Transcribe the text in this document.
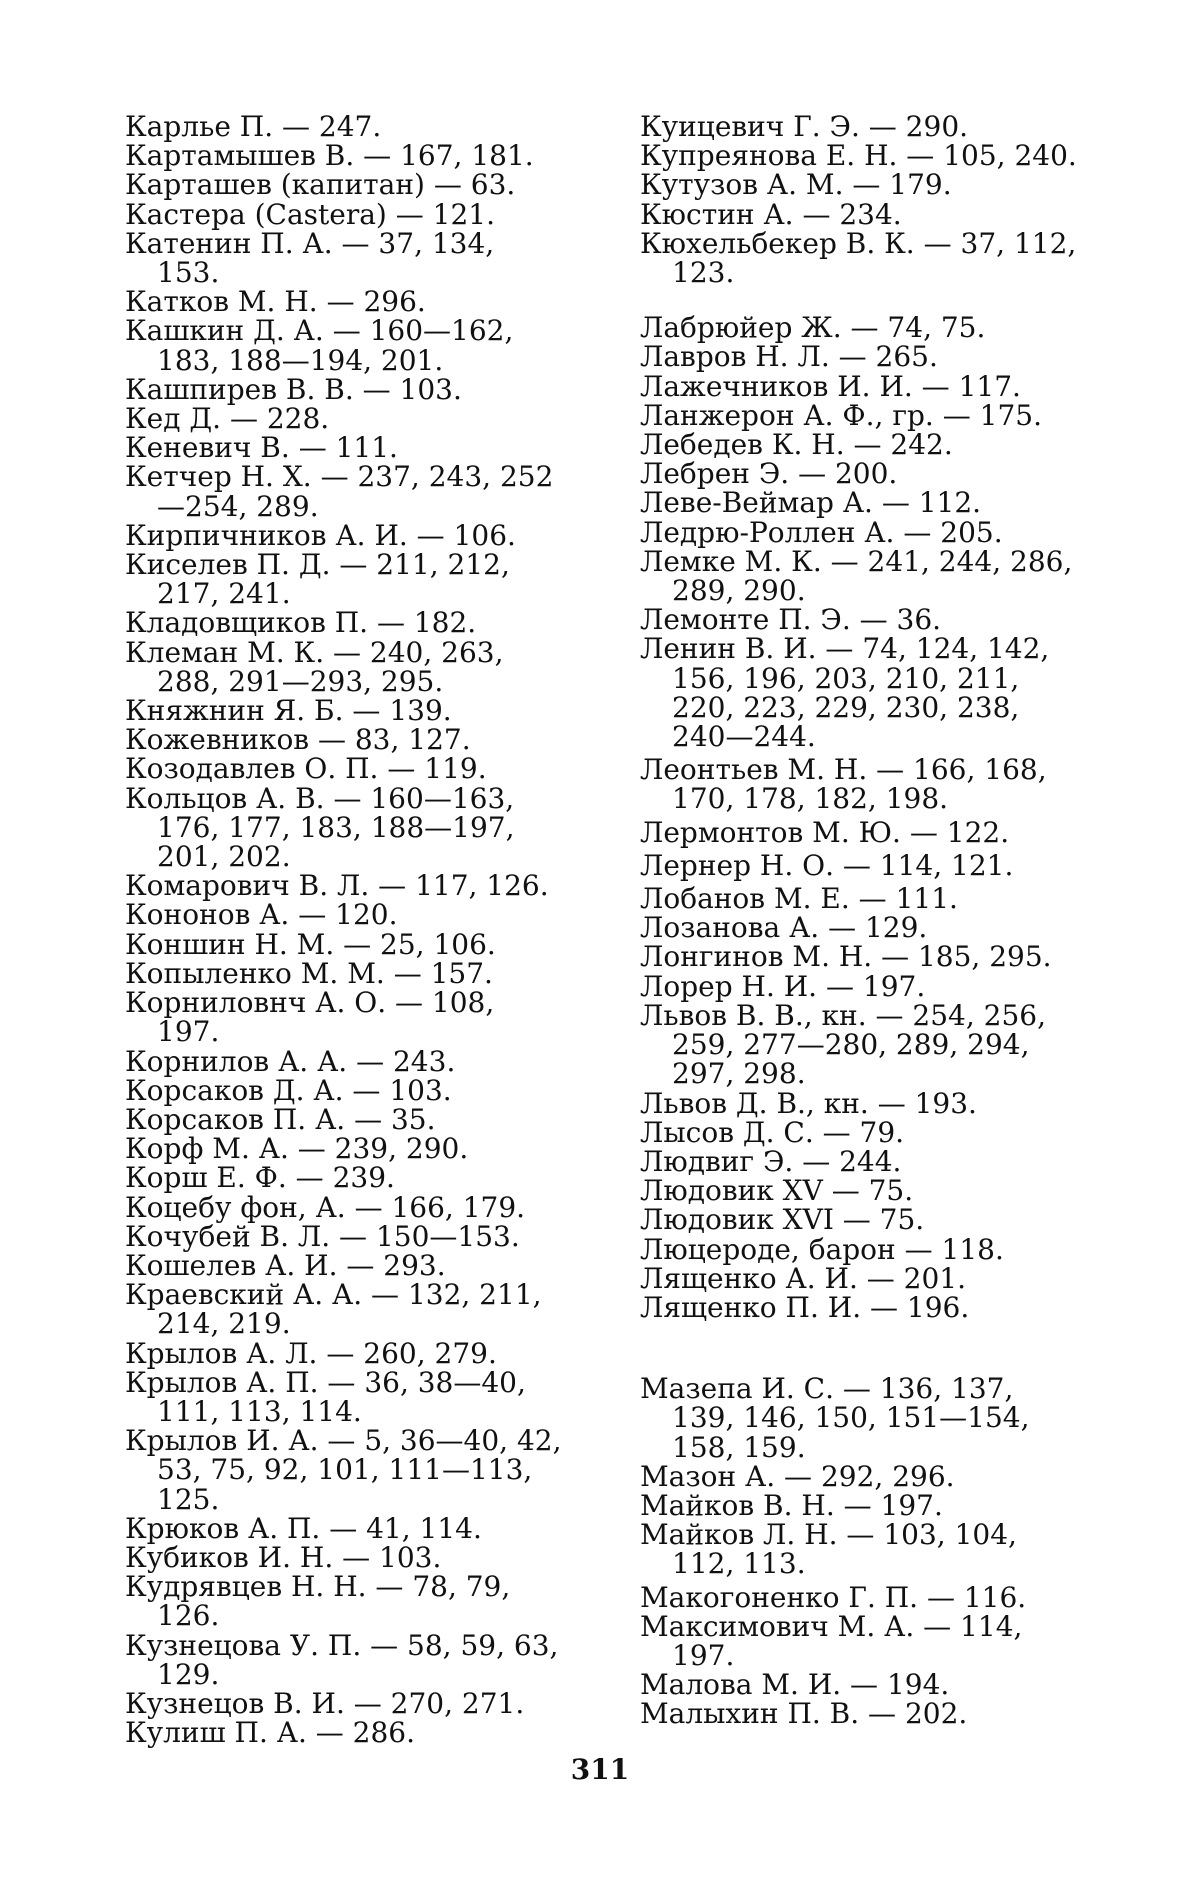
Карлье П. — 247.
Картамышев В. — 167, 181.
Карташев (капитан) — 63.
Кастера (Castera) — 121.
Катенин П. А. — 37, 134, 153.
Катков М. Н. — 296.
Кашкин Д. А. — 160—162, 183, 188—194, 201.
Кашпирев В. В. — 103.
Кед Д. — 228.
Кеневич В. — 111.
Кетчер Н. Х. — 237, 243, 252—254, 289.
Кирпичников А. И. — 106.
Киселев П. Д. — 211, 212, 217, 241.
Кладовщиков П. — 182.
Клеман М. К. — 240, 263, 288, 291—293, 295.
Княжнин Я. Б. — 139.
Кожевников — 83, 127.
Козодавлев О. П. — 119.
Кольцов А. В. — 160—163, 176, 177, 183, 188—197, 201, 202.
Комарович В. Л. — 117, 126.
Кононов А. — 120.
Коншин Н. М. — 25, 106.
Копыленко М. М. — 157.
Корниловнч А. О. — 108, 197.
Корнилов А. А. — 243.
Корсаков Д. А. — 103.
Корсаков П. А. — 35.
Корф М. А. — 239, 290.
Корш Е. Ф. — 239.
Коцебу фон, А. — 166, 179.
Кочубей В. Л. — 150—153.
Кошелев А. И. — 293.
Краевский А. А. — 132, 211, 214, 219.
Крылов А. Л. — 260, 279.
Крылов А. П. — 36, 38—40, 111, 113, 114.
Крылов И. А. — 5, 36—40, 42, 53, 75, 92, 101, 111—113, 125.
Крюков А. П. — 41, 114.
Кубиков И. Н. — 103.
Кудрявцев Н. Н. — 78, 79, 126.
Кузнецова У. П. — 58, 59, 63, 129.
Кузнецов В. И. — 270, 271.
Кулиш П. А. — 286.
Куицевич Г. Э. — 290.
Купреянова Е. Н. — 105, 240.
Кутузов А. М. — 179.
Кюстин А. — 234.
Кюхельбекер В. К. — 37, 112, 123.
Лабрюйер Ж. — 74, 75.
Лавров Н. Л. — 265.
Лажечников И. И. — 117.
Ланжерон А. Ф., гр. — 175.
Лебедев К. Н. — 242.
Лебрен Э. — 200.
Леве-Веймар А. — 112.
Ледрю-Роллен А. — 205.
Лемке М. К. — 241, 244, 286, 289, 290.
Лемонте П. Э. — 36.
Ленин В. И. — 74, 124, 142, 156, 196, 203, 210, 211, 220, 223, 229, 230, 238, 240—244.
Леонтьев М. Н. — 166, 168, 170, 178, 182, 198.
Лермонтов М. Ю. — 122.
Лернер Н. О. — 114, 121.
Лобанов М. Е. — 111.
Лозанова А. — 129.
Лонгинов М. Н. — 185, 295.
Лорер Н. И. — 197.
Львов В. В., кн. — 254, 256, 259, 277—280, 289, 294, 297, 298.
Львов Д. В., кн. — 193.
Лысов Д. С. — 79.
Людвиг Э. — 244.
Людовик XV — 75.
Людовик XVI — 75.
Люцероде, барон — 118.
Лященко А. И. — 201.
Лященко П. И. — 196.
Мазепа И. С. — 136, 137, 139, 146, 150, 151—154, 158, 159.
Мазон А. — 292, 296.
Майков В. Н. — 197.
Майков Л. Н. — 103, 104, 112, 113.
Макогоненко Г. П. — 116.
Максимович М. А. — 114, 197.
Малова М. И. — 194.
Малыхин П. В. — 202.
311
